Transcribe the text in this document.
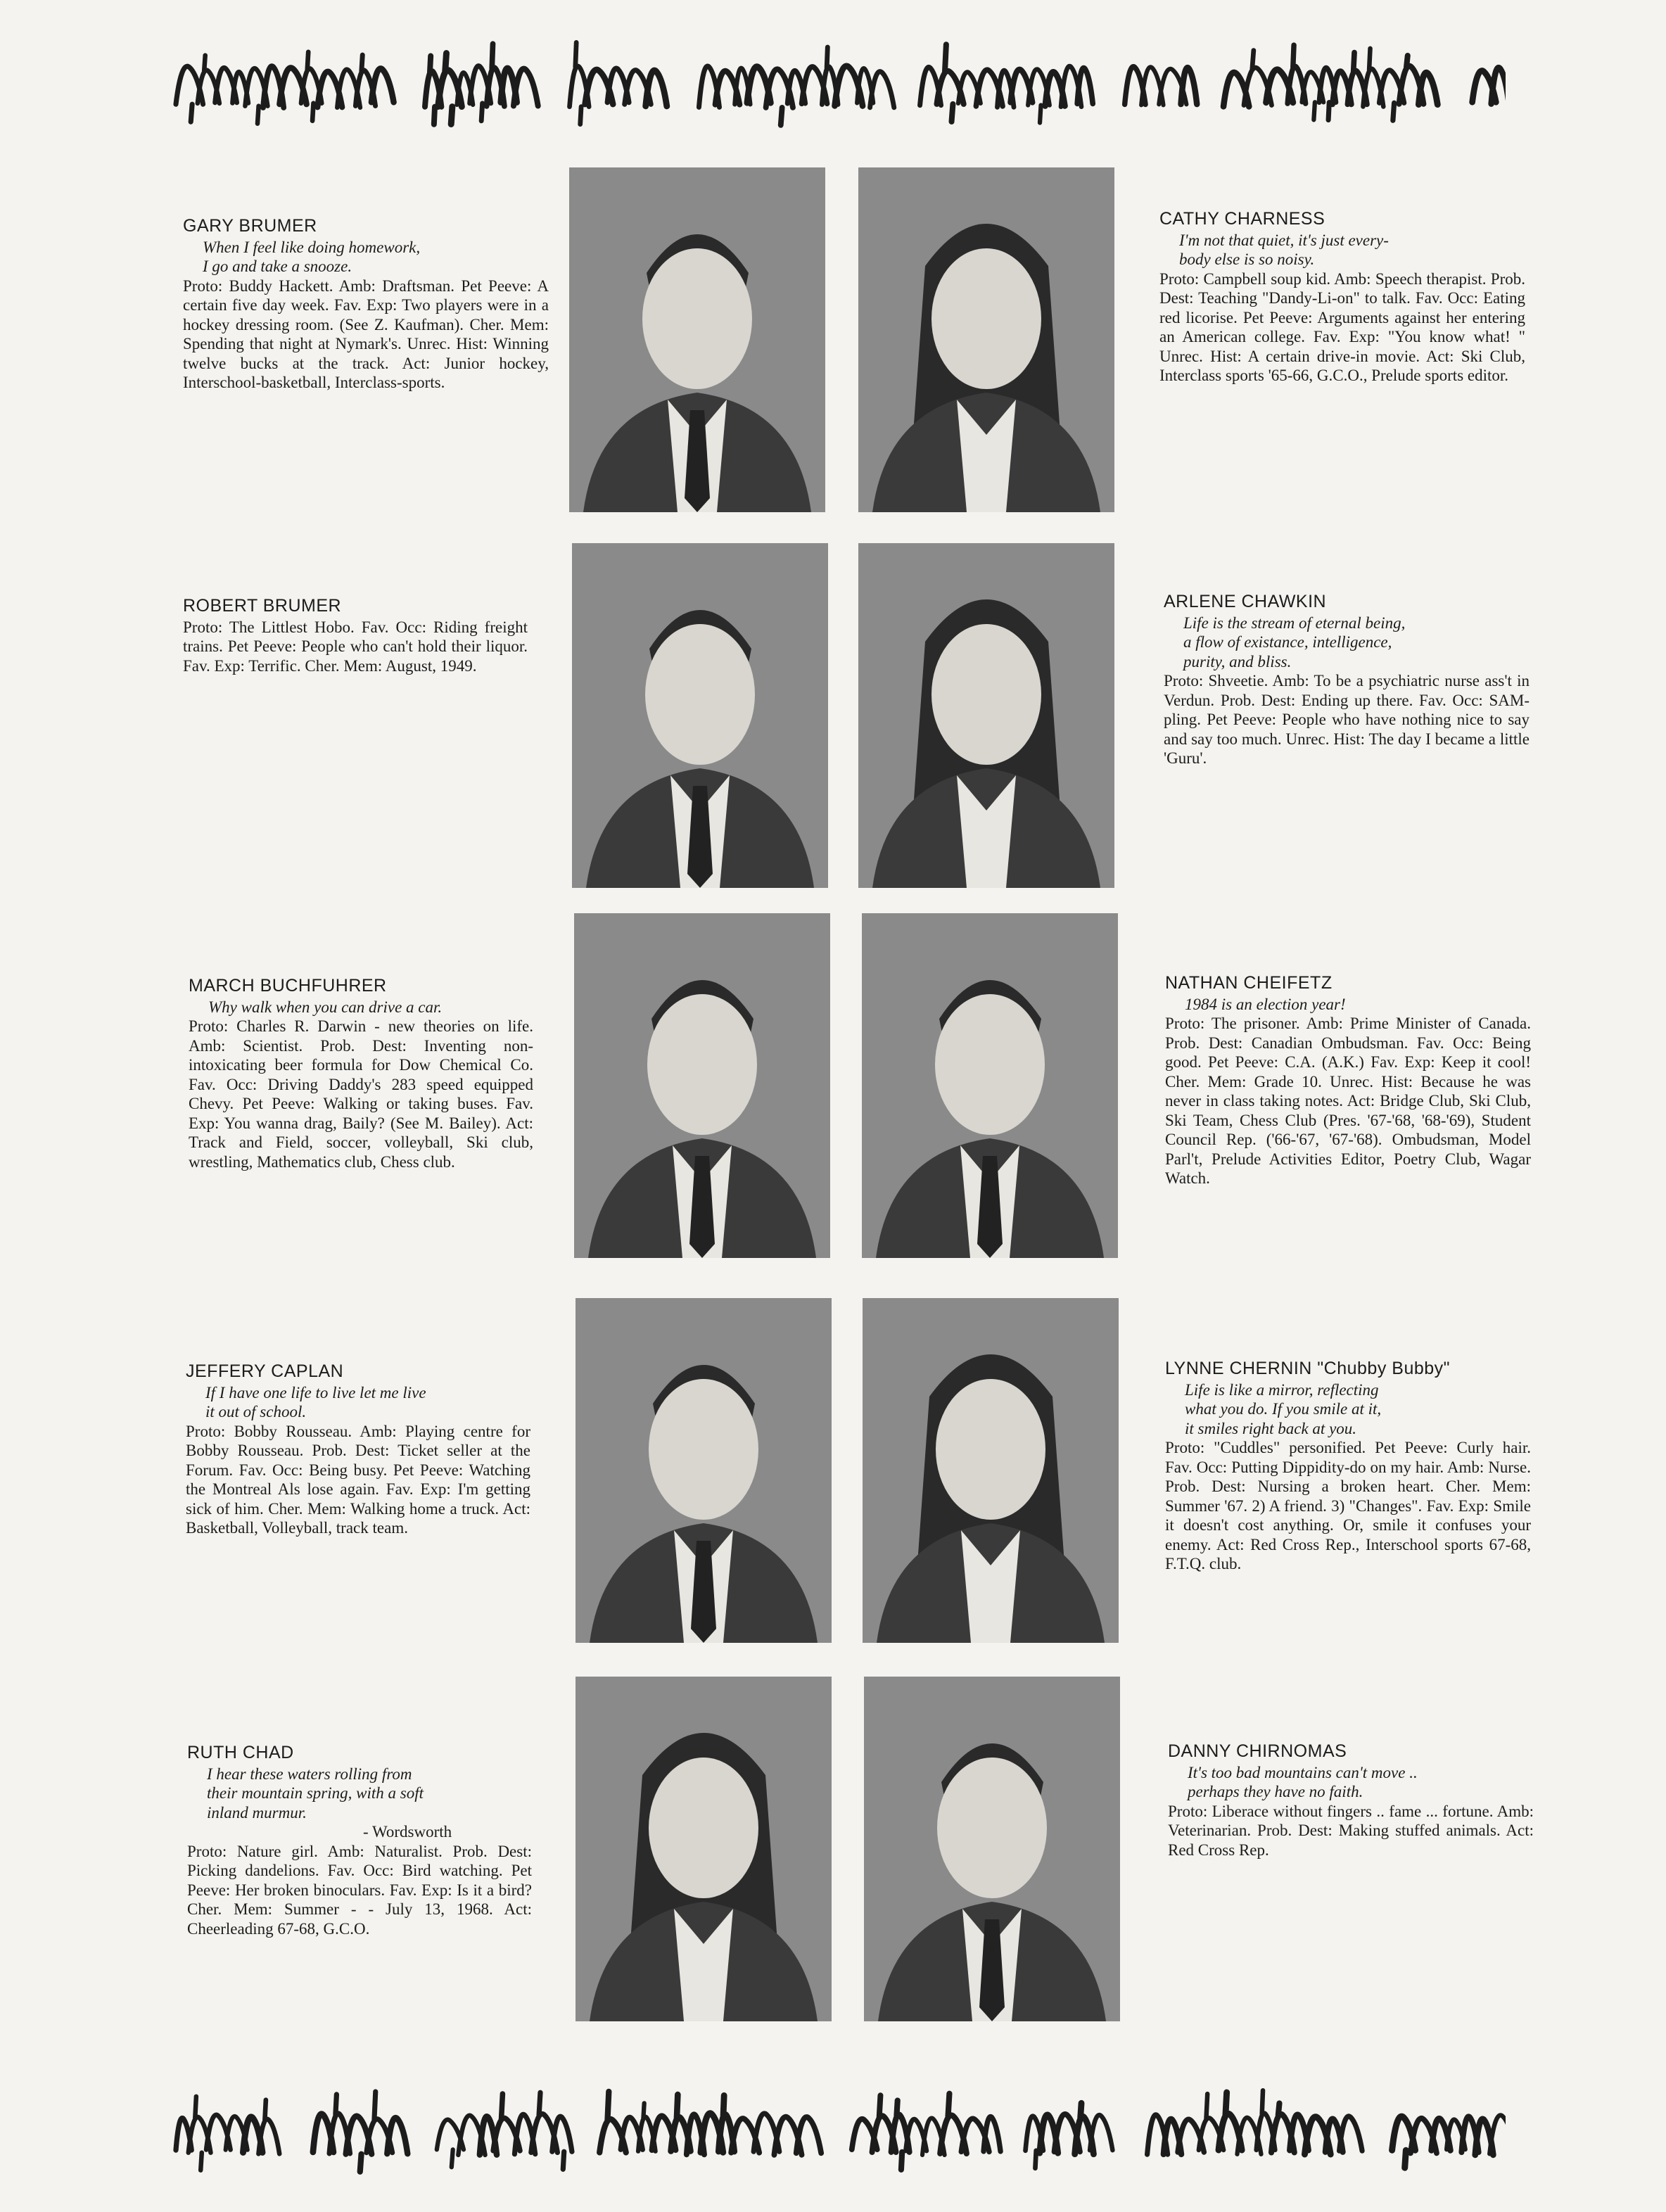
GARY BRUMER
When I feel like doing homework,
I go and take a snooze.
Proto: Buddy Hackett. Amb: Draftsman. Pet Peeve: A certain five day week. Fav. Exp: Two players were in a hockey dressing room. (See Z. Kaufman). Cher. Mem: Spending that night at Nymark's. Unrec. Hist: Winning twelve bucks at the track. Act: Junior hockey, Interschool-basketball, Interclass-sports.
ROBERT BRUMER
Proto: The Littlest Hobo. Fav. Occ: Riding freight trains. Pet Peeve: People who can't hold their liquor. Fav. Exp: Terrific. Cher. Mem: August, 1949.
MARCH BUCHFUHRER
Why walk when you can drive a car.
Proto: Charles R. Darwin - new theories on life. Amb: Scientist. Prob. Dest: Inventing non-intoxicating beer formula for Dow Chemical Co. Fav. Occ: Driving Daddy's 283 speed equipped Chevy. Pet Peeve: Walking or taking buses. Fav. Exp: You wanna drag, Baily? (See M. Bailey). Act: Track and Field, soccer, volleyball, Ski club, wrestling, Mathematics club, Chess club.
JEFFERY CAPLAN
If I have one life to live let me live
it out of school.
Proto: Bobby Rousseau. Amb: Playing centre for Bobby Rousseau. Prob. Dest: Ticket seller at the Forum. Fav. Occ: Being busy. Pet Peeve: Watching the Montreal Als lose again. Fav. Exp: I'm getting sick of him. Cher. Mem: Walking home a truck. Act: Basketball, Volleyball, track team.
RUTH CHAD
I hear these waters rolling from
their mountain spring, with a soft
inland murmur.
- Wordsworth
Proto: Nature girl. Amb: Naturalist. Prob. Dest: Picking dandelions. Fav. Occ: Bird watching. Pet Peeve: Her broken binoculars. Fav. Exp: Is it a bird? Cher. Mem: Summer - - July 13, 1968. Act: Cheerleading 67-68, G.C.O.
CATHY CHARNESS
I'm not that quiet, it's just every-
body else is so noisy.
Proto: Campbell soup kid. Amb: Speech therapist. Prob. Dest: Teaching "Dandy-Li-on" to talk. Fav. Occ: Eating red licorise. Pet Peeve: Arguments against her entering an American college. Fav. Exp: "You know what! " Unrec. Hist: A certain drive-in movie. Act: Ski Club, Interclass sports '65-66, G.C.O., Prelude sports editor.
ARLENE CHAWKIN
Life is the stream of eternal being,
a flow of existance, intelligence,
purity, and bliss.
Proto: Shveetie. Amb: To be a psychiatric nurse ass't in Verdun. Prob. Dest: Ending up there. Fav. Occ: SAM-pling. Pet Peeve: People who have nothing nice to say and say too much. Unrec. Hist: The day I became a little 'Guru'.
NATHAN CHEIFETZ
1984 is an election year!
Proto: The prisoner. Amb: Prime Minister of Canada. Prob. Dest: Canadian Ombudsman. Fav. Occ: Being good. Pet Peeve: C.A. (A.K.) Fav. Exp: Keep it cool! Cher. Mem: Grade 10. Unrec. Hist: Because he was never in class taking notes. Act: Bridge Club, Ski Club, Ski Team, Chess Club (Pres. '67-'68, '68-'69), Student Council Rep. ('66-'67, '67-'68). Ombudsman, Model Parl't, Prelude Activities Editor, Poetry Club, Wagar Watch.
LYNNE CHERNIN "Chubby Bubby"
Life is like a mirror, reflecting
what you do. If you smile at it,
it smiles right back at you.
Proto: "Cuddles" personified. Pet Peeve: Curly hair. Fav. Occ: Putting Dippidity-do on my hair. Amb: Nurse. Prob. Dest: Nursing a broken heart. Cher. Mem: Summer '67. 2) A friend. 3) "Changes". Fav. Exp: Smile it doesn't cost anything. Or, smile it confuses your enemy. Act: Red Cross Rep., Interschool sports 67-68, F.T.Q. club.
DANNY CHIRNOMAS
It's too bad mountains can't move ..
perhaps they have no faith.
Proto: Liberace without fingers .. fame ... fortune. Amb: Veterinarian. Prob. Dest: Making stuffed animals. Act: Red Cross Rep.
